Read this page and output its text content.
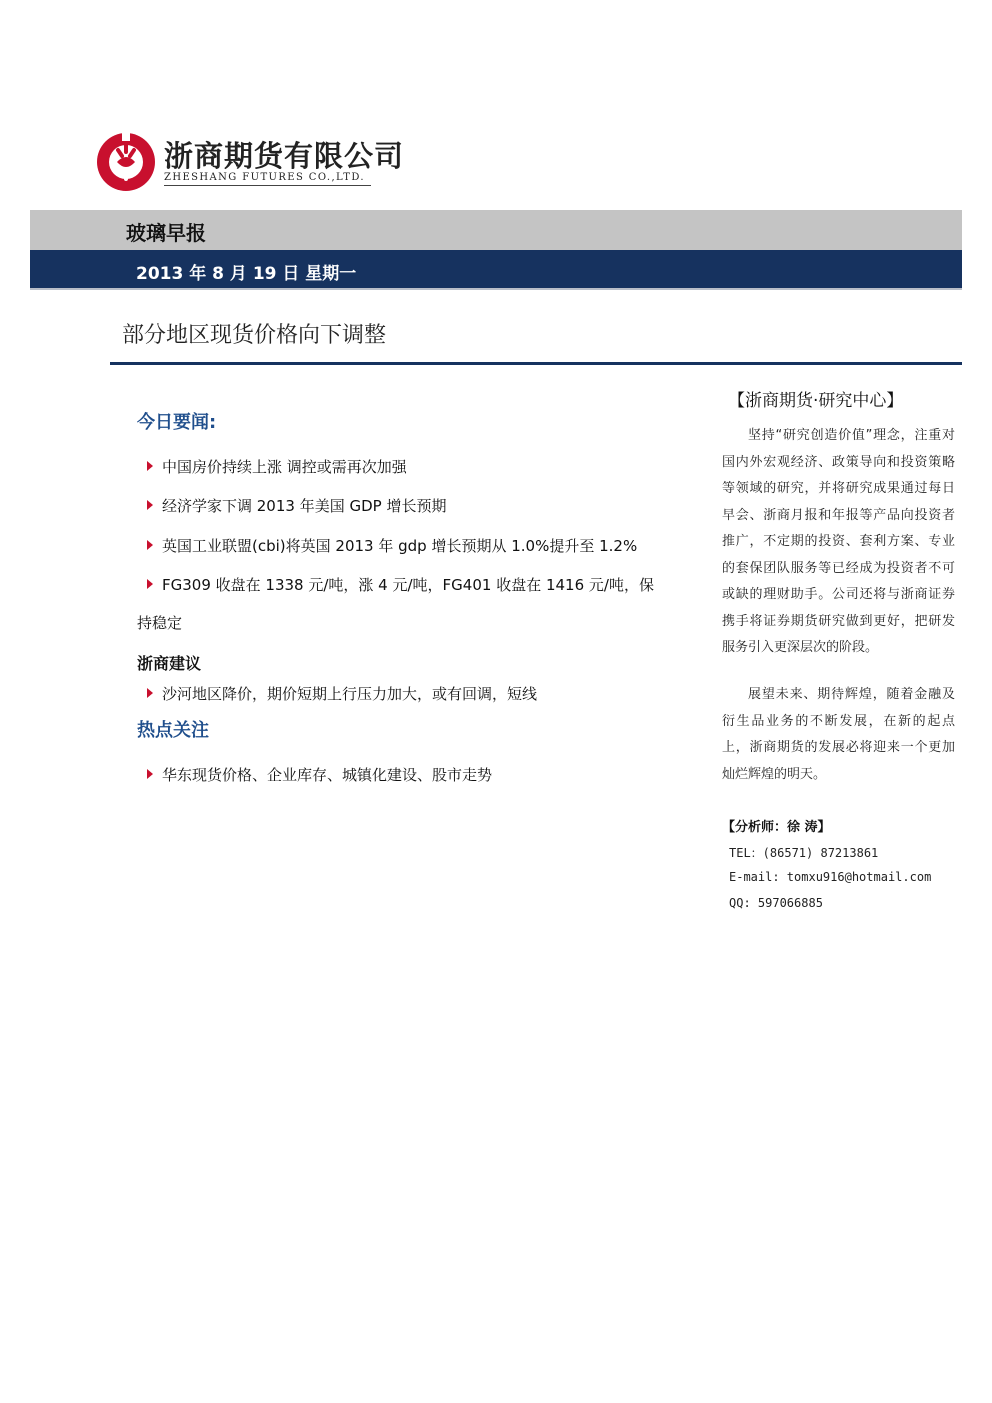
浙商期货有限公司
ZHESHANG FUTURES CO.,LTD.
玻璃早报
2013 年 8 月 19 日 星期一
部分地区现货价格向下调整
今日要闻:
中国房价持续上涨 调控或需再次加强
经济学家下调 2013 年美国 GDP 增长预期
英国工业联盟(cbi)将英国 2013 年 gdp 增长预期从 1.0%提升至 1.2%
FG309 收盘在 1338 元/吨，涨 4 元/吨，FG401 收盘在 1416 元/吨，保
持稳定
浙商建议
沙河地区降价，期价短期上行压力加大，或有回调，短线
热点关注
华东现货价格、企业库存、城镇化建设、股市走势
【浙商期货·研究中心】
坚持“研究创造价值”理念，注重对国内外宏观经济、政策导向和投资策略等领域的研究，并将研究成果通过每日早会、浙商月报和年报等产品向投资者推广，不定期的投资、套利方案、专业的套保团队服务等已经成为投资者不可或缺的理财助手。公司还将与浙商证券携手将证券期货研究做到更好，把研发服务引入更深层次的阶段。
展望未来、期待辉煌，随着金融及衍生品业务的不断发展，在新的起点上，浙商期货的发展必将迎来一个更加灿烂辉煌的明天。
【分析师：徐 涛】
TEL：(86571) 87213861
E-mail: tomxu916@hotmail.com
QQ: 597066885
